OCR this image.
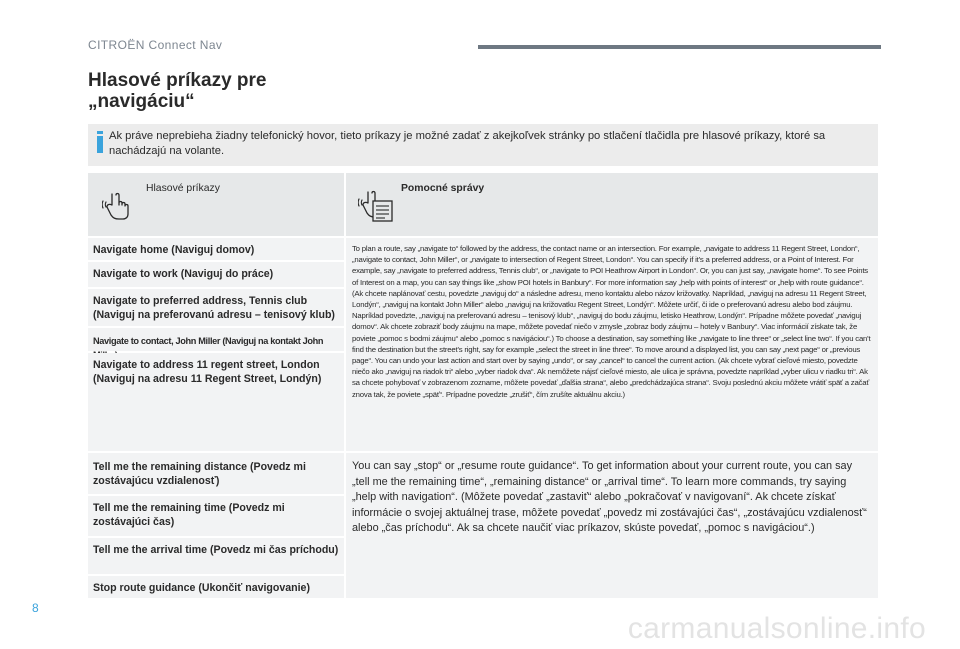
CITROËN Connect Nav
Hlasové príkazy pre
„navigáciu“
Ak práve neprebieha žiadny telefonický hovor, tieto príkazy je možné zadať z akejkoľvek stránky po stlačení tlačidla pre hlasové príkazy, ktoré sa nachádzajú na volante.
Hlasové príkazy	Pomocné správy
Navigate home (Naviguj domov)
Navigate to work (Naviguj do práce)
Navigate to preferred address, Tennis club (Naviguj na preferovanú adresu – tenisový klub)
Navigate to contact, John Miller (Naviguj na kontakt John
Navigate to address 11 regent street, London (Naviguj na adresu 11 Regent Street, Londýn)
To plan a route, say „navigate to“ followed by the address, the contact name or an intersection. For example, „navigate to address 11 Regent Street, London“, „navigate to contact, John Miller“, or „navigate to intersection of Regent Street, London“. You can specify if it's a preferred address, or a Point of Interest. For example, say „navigate to preferred address, Tennis club“, or „navigate to POI Heathrow Airport in London“. Or, you can just say, „navigate home“. To see Points of Interest on a map, you can say things like „show POI hotels in Banbury“. For more information say „help with points of interest“ or „help with route guidance“. (Ak chcete naplánovať cestu, povedzte „naviguj do“ a následne adresu, meno kontaktu alebo názov križovatky. Napríklad, „naviguj na adresu 11 Regent Street, Londýn“, „naviguj na kontakt John Miller“ alebo „naviguj na križovatku Regent Street, Londýn“. Môžete určiť, či ide o preferovanú adresu alebo bod záujmu. Napríklad povedzte, „naviguj na preferovanú adresu – tenisový klub“, „naviguj do bodu záujmu, letisko Heathrow, Londýn“. Prípadne môžete povedať „naviguj domov“. Ak chcete zobraziť body záujmu na mape, môžete povedať niečo v zmysle „zobraz body záujmu – hotely v Banbury“. Viac informácií získate tak, že poviete „pomoc s bodmi záujmu“ alebo „pomoc s navigáciou“.) To choose a destination, say something like „navigate to line three“ or „select line two“. If you can't find the destination but the street's right, say for example „select the street in line three“. To move around a displayed list, you can say „next page“ or „previous page“. You can undo your last action and start over by saying „undo“, or say „cancel“ to cancel the current action. (Ak chcete vybrať cieľové miesto, povedzte niečo ako „naviguj na riadok tri“ alebo „vyber riadok dva“. Ak nemôžete nájsť cieľové miesto, ale ulica je správna, povedzte napríklad „vyber ulicu v riadku tri“. Ak sa chcete pohybovať v zobrazenom zozname, môžete povedať „ďalšia strana“, alebo „predchádzajúca strana“. Svoju poslednú akciu môžete vrátiť späť a začať znova tak, že poviete „späť“. Prípadne povedzte „zrušiť“, čím zrušíte aktuálnu akciu.)
Tell me the remaining distance (Povedz mi zostávajúcu vzdialenosť)
Tell me the remaining time (Povedz mi zostávajúci čas)
Tell me the arrival time (Povedz mi čas príchodu)
Stop route guidance (Ukončiť navigovanie)
You can say „stop“ or „resume route guidance“. To get information about your current route, you can say „tell me the remaining time“, „remaining distance“ or „arrival time“. To learn more commands, try saying „help with navigation“. (Môžete povedať „zastaviť“ alebo „pokračovať v navigovaní“. Ak chcete získať informácie o svojej aktuálnej trase, môžete povedať „povedz mi zostávajúci čas“, „zostávajúcu vzdialenosť“ alebo „čas príchodu“. Ak sa chcete naučiť viac príkazov, skúste povedať, „pomoc s navigáciou“.)
8
carmanualsonline.info
